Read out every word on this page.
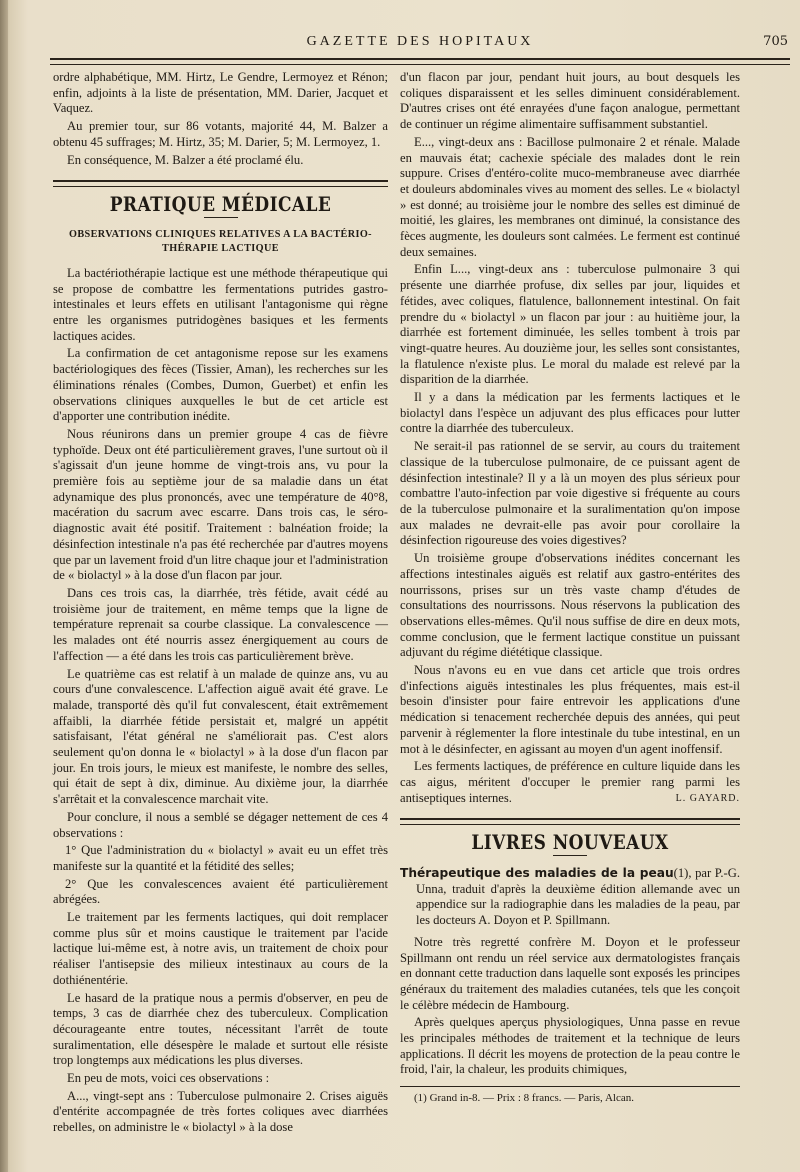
GAZETTE DES HOPITAUX	705

ordre alphabétique, MM. Hirtz, Le Gendre, Lermoyez et Rénon; enfin, adjoints à la liste de présentation, MM. Darier, Jacquet et Vaquez.

Au premier tour, sur 86 votants, majorité 44, M. Balzer a obtenu 45 suffrages; M. Hirtz, 35; M. Darier, 5; M. Lermoyez, 1.

En conséquence, M. Balzer a été proclamé élu.

PRATIQUE MÉDICALE
OBSERVATIONS CLINIQUES RELATIVES A LA BACTÉRIO-
THÉRAPIE LACTIQUE

La bactériothérapie lactique est une méthode thérapeutique qui se propose de combattre les fermentations putrides gastro-intestinales et leurs effets en utilisant l'antagonisme qui règne entre les organismes putridogènes basiques et les ferments lactiques acides.

La confirmation de cet antagonisme repose sur les examens bactériologiques des fèces (Tissier, Aman), les recherches sur les éliminations rénales (Combes, Dumon, Guerbet) et enfin les observations cliniques auxquelles le but de cet article est d'apporter une contribution inédite.

Nous réunirons dans un premier groupe 4 cas de fièvre typhoïde. Deux ont été particulièrement graves, l'une surtout où il s'agissait d'un jeune homme de vingt-trois ans, vu pour la première fois au septième jour de sa maladie dans un état adynamique des plus prononcés, avec une température de 40°8, macération du sacrum avec escarre. Dans trois cas, le séro-diagnostic avait été positif. Traitement : balnéation froide; la désinfection intestinale n'a pas été recherchée par d'autres moyens que par un lavement froid d'un litre chaque jour et l'administration de « biolactyl » à la dose d'un flacon par jour.

Dans ces trois cas, la diarrhée, très fétide, avait cédé au troisième jour de traitement, en même temps que la ligne de température reprenait sa courbe classique. La convalescence — les malades ont été nourris assez énergiquement au cours de l'affection — a été dans les trois cas particulièrement brève.

Le quatrième cas est relatif à un malade de quinze ans, vu au cours d'une convalescence. L'affection aiguë avait été grave. Le malade, transporté dès qu'il fut convalescent, était extrêmement affaibli, la diarrhée fétide persistait et, malgré un appétit satisfaisant, l'état général ne s'améliorait pas. C'est alors seulement qu'on donna le « biolactyl » à la dose d'un flacon par jour. En trois jours, le mieux est manifeste, le nombre des selles, qui était de sept à dix, diminue. Au dixième jour, la diarrhée s'arrêtait et la convalescence marchait vite.

Pour conclure, il nous a semblé se dégager nettement de ces 4 observations :

1° Que l'administration du « biolactyl » avait eu un effet très manifeste sur la quantité et la fétidité des selles;

2° Que les convalescences avaient été particulièrement abrégées.

Le traitement par les ferments lactiques, qui doit remplacer comme plus sûr et moins caustique le traitement par l'acide lactique lui-même est, à notre avis, un traitement de choix pour réaliser l'antisepsie des milieux intestinaux au cours de la dothiénentérie.

Le hasard de la pratique nous a permis d'observer, en peu de temps, 3 cas de diarrhée chez des tuberculeux. Complication décourageante entre toutes, nécessitant l'arrêt de toute suralimentation, elle désespère le malade et surtout elle résiste trop longtemps aux médications les plus diverses.

En peu de mots, voici ces observations :

A..., vingt-sept ans : Tuberculose pulmonaire 2. Crises aiguës d'entérite accompagnée de très fortes coliques avec diarrhées rebelles, on administre le « biolactyl » à la dose

d'un flacon par jour, pendant huit jours, au bout desquels les coliques disparaissent et les selles diminuent considérablement. D'autres crises ont été enrayées d'une façon analogue, permettant de continuer un régime alimentaire suffisamment substantiel.

E..., vingt-deux ans : Bacillose pulmonaire 2 et rénale. Malade en mauvais état; cachexie spéciale des malades dont le rein suppure. Crises d'entéro-colite muco-membraneuse avec diarrhée et douleurs abdominales vives au moment des selles. Le « biolactyl » est donné; au troisième jour le nombre des selles est diminué de moitié, les glaires, les membranes ont diminué, la consistance des fèces augmente, les douleurs sont calmées. Le ferment est continué deux semaines.

Enfin L..., vingt-deux ans : tuberculose pulmonaire 3 qui présente une diarrhée profuse, dix selles par jour, liquides et fétides, avec coliques, flatulence, ballonnement intestinal. On fait prendre du « biolactyl » un flacon par jour : au huitième jour, la diarrhée est fortement diminuée, les selles tombent à trois par vingt-quatre heures. Au douzième jour, les selles sont consistantes, la flatulence n'existe plus. Le moral du malade est relevé par la disparition de la diarrhée.

Il y a dans la médication par les ferments lactiques et le biolactyl dans l'espèce un adjuvant des plus efficaces pour lutter contre la diarrhée des tuberculeux.

Ne serait-il pas rationnel de se servir, au cours du traitement classique de la tuberculose pulmonaire, de ce puissant agent de désinfection intestinale? Il y a là un moyen des plus sérieux pour combattre l'auto-infection par voie digestive si fréquente au cours de la tuberculose pulmonaire et la suralimentation qu'on impose aux malades ne devrait-elle pas avoir pour corollaire la désinfection rigoureuse des voies digestives?

Un troisième groupe d'observations inédites concernant les affections intestinales aiguës est relatif aux gastro-entérites des nourrissons, prises sur un très vaste champ d'études de consultations des nourrissons. Nous réservons la publication des observations elles-mêmes. Qu'il nous suffise de dire en deux mots, comme conclusion, que le ferment lactique constitue un puissant adjuvant du régime diététique classique.

Nous n'avons eu en vue dans cet article que trois ordres d'infections aiguës intestinales les plus fréquentes, mais est-il besoin d'insister pour faire entrevoir les applications d'une médication si tenacement recherchée depuis des années, qui peut parvenir à réglementer la flore intestinale du tube intestinal, en un mot à le désinfecter, en agissant au moyen d'un agent inoffensif.

Les ferments lactiques, de préférence en culture liquide dans les cas aigus, méritent d'occuper le premier rang parmi les antiseptiques internes.	L. GAYARD.

LIVRES NOUVEAUX

Thérapeutique des maladies de la peau(1), par P.-G. Unna, traduit d'après la deuxième édition allemande avec un appendice sur la radiographie dans les maladies de la peau, par les docteurs A. Doyon et P. Spillmann.

Notre très regretté confrère M. Doyon et le professeur Spillmann ont rendu un réel service aux dermatologistes français en donnant cette traduction dans laquelle sont exposés les principes généraux du traitement des maladies cutanées, tels que les conçoit le célèbre médecin de Hambourg.

Après quelques aperçus physiologiques, Unna passe en revue les principales méthodes de traitement et la technique de leurs applications. Il décrit les moyens de protection de la peau contre le froid, l'air, la chaleur, les produits chimiques,

(1) Grand in-8. — Prix : 8 francs. — Paris, Alcan.
